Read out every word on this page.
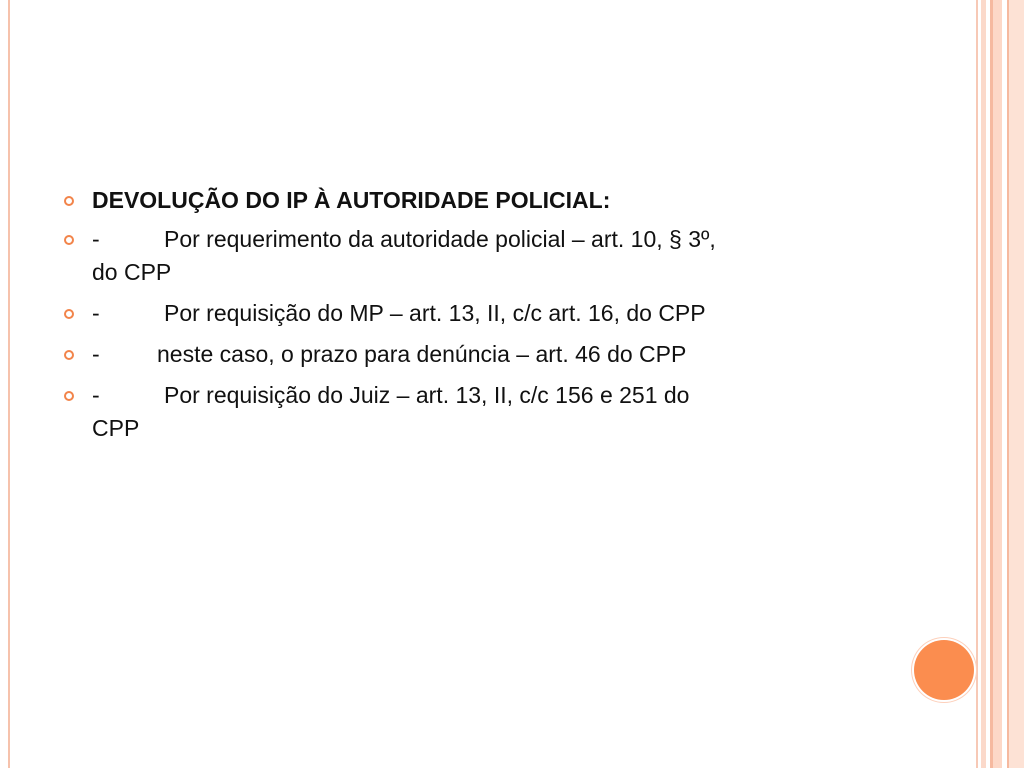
DEVOLUÇÃO DO IP À AUTORIDADE POLICIAL:
-	Por requerimento da autoridade policial – art. 10, § 3º,
do CPP
-	Por requisição do MP – art. 13, II, c/c art. 16, do CPP
- neste caso, o prazo para denúncia – art. 46 do CPP
-	Por requisição do Juiz – art. 13, II, c/c 156 e 251 do
CPP
